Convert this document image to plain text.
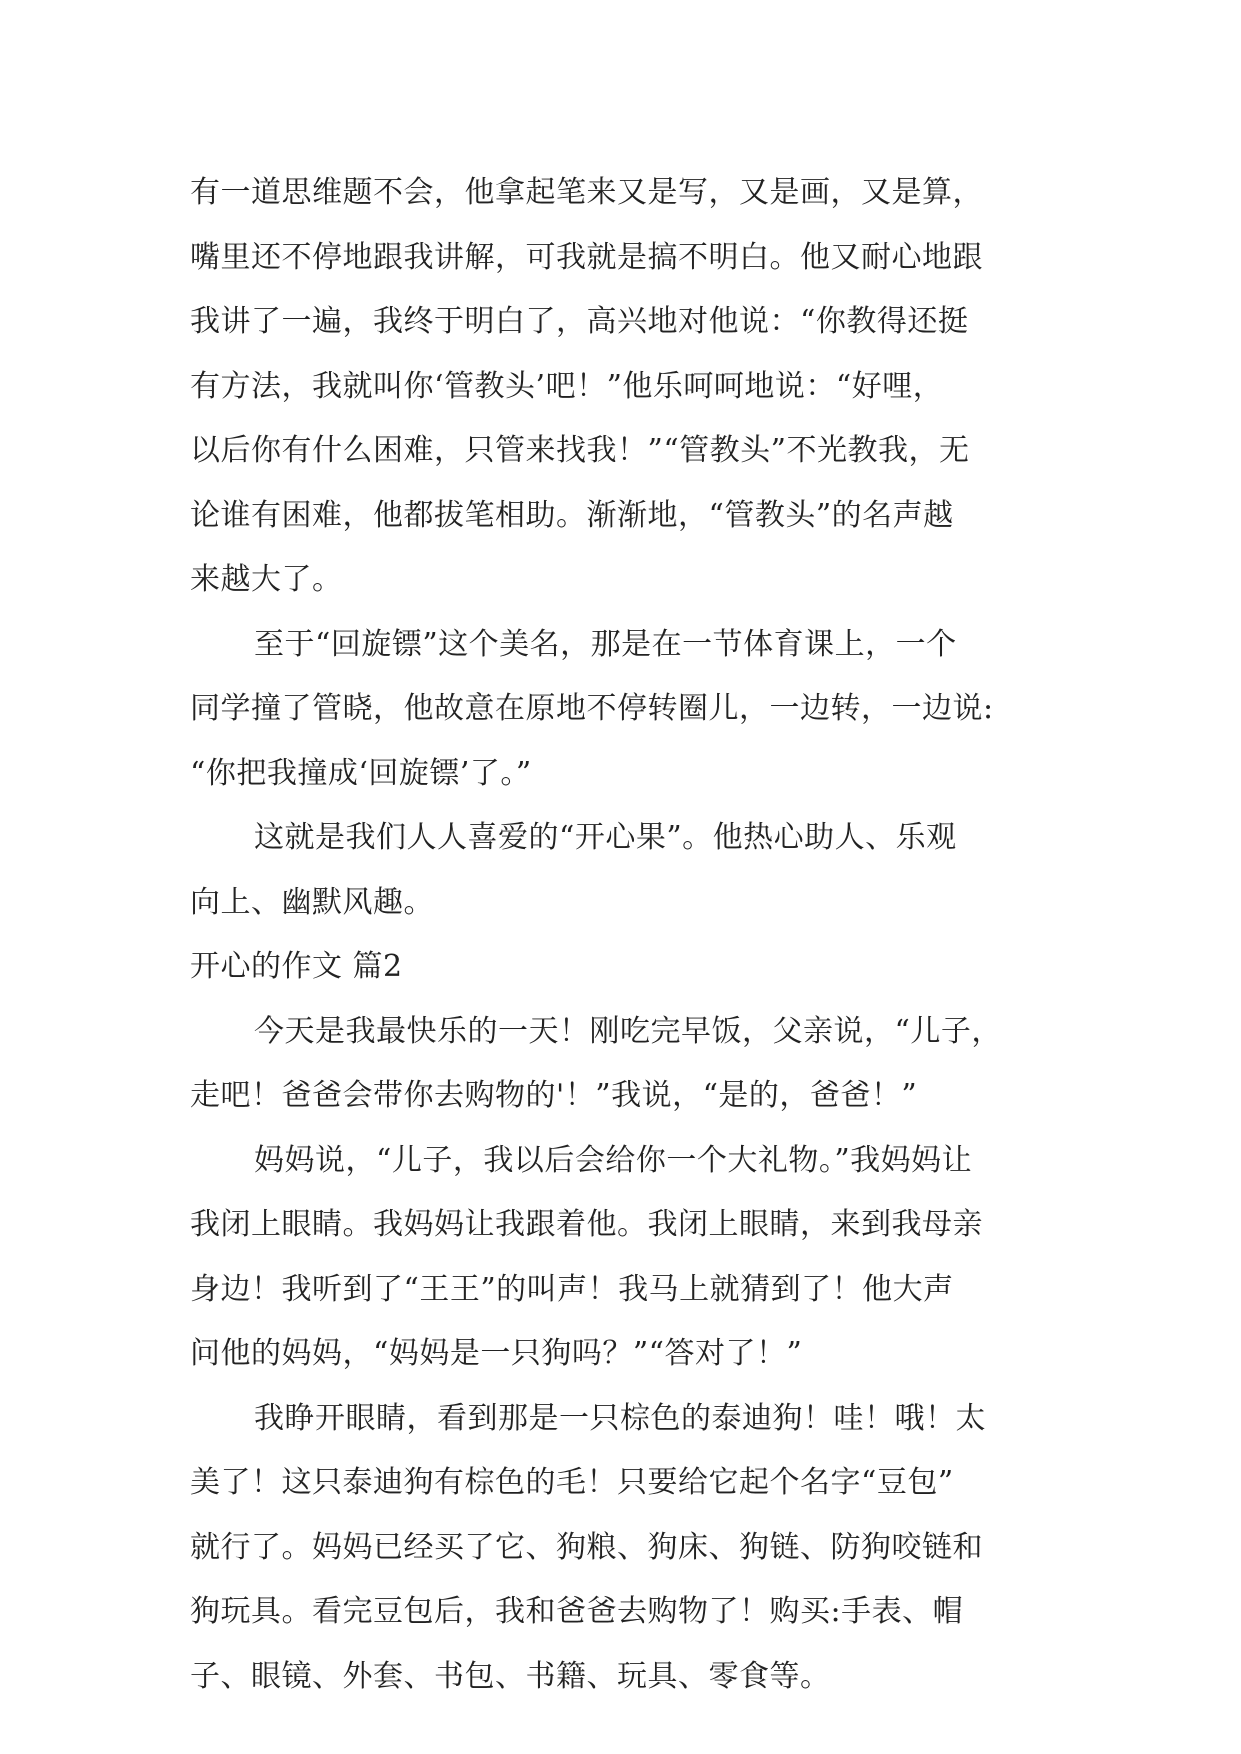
有一道思维题不会，他拿起笔来又是写，又是画，又是算，
嘴里还不停地跟我讲解，可我就是搞不明白。他又耐心地跟
我讲了一遍，我终于明白了，高兴地对他说：“你教得还挺
有方法，我就叫你‘管教头’吧！”他乐呵呵地说：“好哩，
以后你有什么困难，只管来找我！”“管教头”不光教我，无
论谁有困难，他都拔笔相助。渐渐地，“管教头”的名声越
来越大了。
至于“回旋镖”这个美名，那是在一节体育课上，一个
同学撞了管晓，他故意在原地不停转圈儿，一边转，一边说:
“你把我撞成‘回旋镖’了。”
这就是我们人人喜爱的“开心果”。他热心助人、乐观
向上、幽默风趣。
开心的作文 篇2
今天是我最快乐的一天！刚吃完早饭，父亲说，“儿子，
走吧！爸爸会带你去购物的'！”我说，“是的，爸爸！”
妈妈说，“儿子，我以后会给你一个大礼物。”我妈妈让
我闭上眼睛。我妈妈让我跟着他。我闭上眼睛，来到我母亲
身边！我听到了“王王”的叫声！我马上就猜到了！他大声
问他的妈妈，“妈妈是一只狗吗？”“答对了！”
我睁开眼睛，看到那是一只棕色的泰迪狗！哇！哦！太
美了！这只泰迪狗有棕色的毛！只要给它起个名字“豆包”
就行了。妈妈已经买了它、狗粮、狗床、狗链、防狗咬链和
狗玩具。看完豆包后，我和爸爸去购物了！购买:手表、帽
子、眼镜、外套、书包、书籍、玩具、零食等。
